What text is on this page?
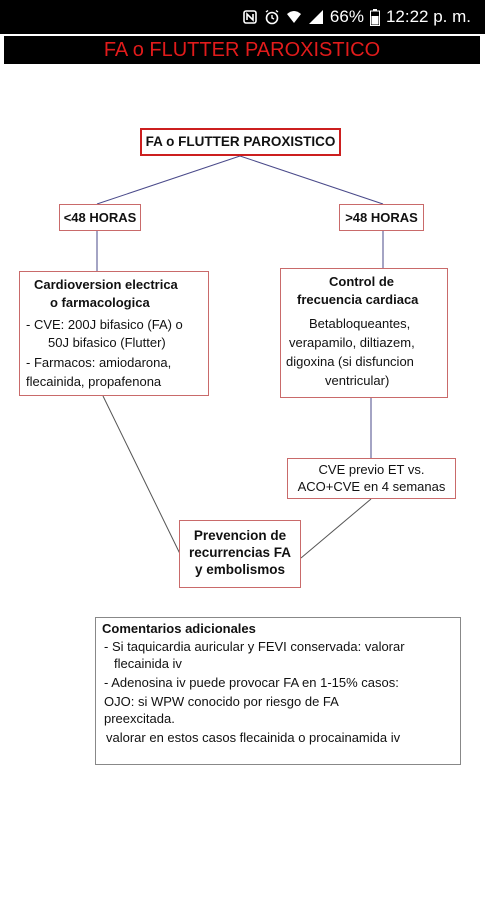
66% 12:22 p. m.
FA o FLUTTER PAROXISTICO
FA o FLUTTER PAROXISTICO
<48 HORAS	>48 HORAS
Cardioversion electrica
o farmacologica
- CVE: 200J bifasico (FA) o
50J bifasico (Flutter)
- Farmacos: amiodarona,
flecainida, propafenona
Control de
frecuencia cardiaca
Betabloqueantes,
verapamilo, diltiazem,
digoxina (si disfuncion
ventricular)
CVE previo ET vs.
ACO+CVE en 4 semanas
Prevencion de
recurrencias FA
y embolismos
Comentarios adicionales
- Si taquicardia auricular y FEVI conservada: valorar
flecainida iv
- Adenosina iv puede provocar FA en 1-15% casos:
OJO: si WPW conocido por riesgo de FA
preexcitada.
valorar en estos casos flecainida o procainamida iv
